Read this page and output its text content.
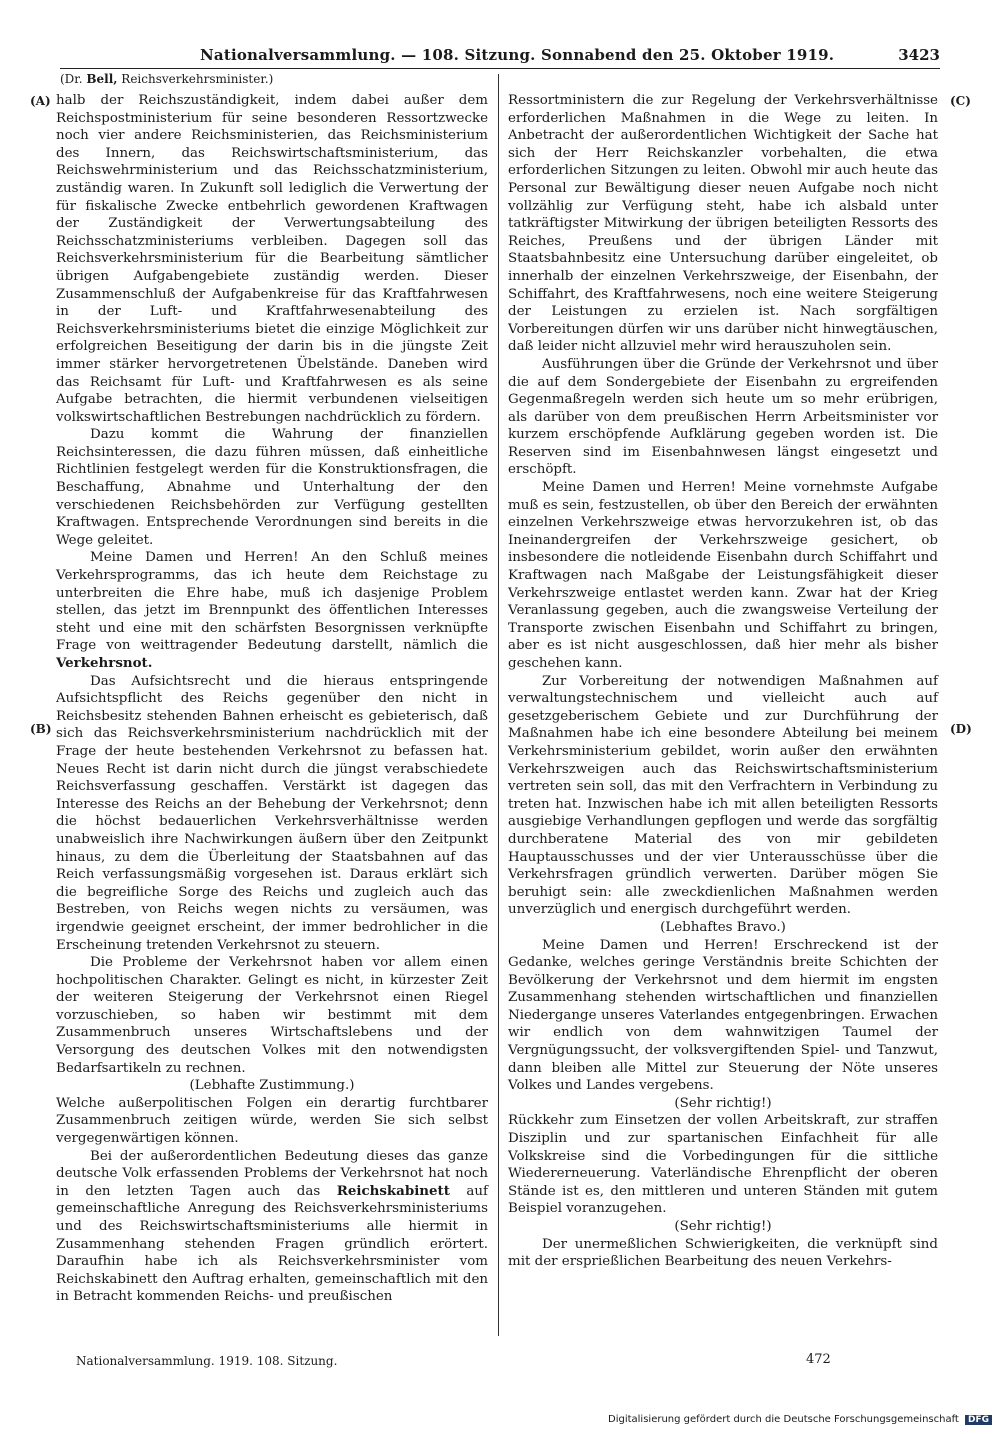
Nationalversammlung. — 108. Sitzung. Sonnabend den 25. Oktober 1919.	3423
(Dr. Bell, Reichsverkehrsminister.)
(A)
(B)
(C)
(D)

halb der Reichszuständigkeit, indem dabei außer dem Reichspostministerium für seine besonderen Ressortzwecke noch vier andere Reichsministerien, das Reichsministerium des Innern, das Reichswirtschaftsministerium, das Reichswehrministerium und das Reichsschatzministerium, zuständig waren. In Zukunft soll lediglich die Verwertung der für fiskalische Zwecke entbehrlich gewordenen Kraftwagen der Zuständigkeit der Verwertungsabteilung des Reichsschatzministeriums verbleiben. Dagegen soll das Reichsverkehrsministerium für die Bearbeitung sämtlicher übrigen Aufgabengebiete zuständig werden. Dieser Zusammenschluß der Aufgabenkreise für das Kraftfahrwesen in der Luft- und Kraftfahrwesenabteilung des Reichsverkehrsministeriums bietet die einzige Möglichkeit zur erfolgreichen Beseitigung der darin bis in die jüngste Zeit immer stärker hervorgetretenen Übelstände. Daneben wird das Reichsamt für Luft- und Kraftfahrwesen es als seine Aufgabe betrachten, die hiermit verbundenen vielseitigen volkswirtschaftlichen Bestrebungen nachdrücklich zu fördern.

Dazu kommt die Wahrung der finanziellen Reichsinteressen, die dazu führen müssen, daß einheitliche Richtlinien festgelegt werden für die Konstruktionsfragen, die Beschaffung, Abnahme und Unterhaltung der den verschiedenen Reichsbehörden zur Verfügung gestellten Kraftwagen. Entsprechende Verordnungen sind bereits in die Wege geleitet.

Meine Damen und Herren! An den Schluß meines Verkehrsprogramms, das ich heute dem Reichstage zu unterbreiten die Ehre habe, muß ich dasjenige Problem stellen, das jetzt im Brennpunkt des öffentlichen Interesses steht und eine mit den schärfsten Besorgnissen verknüpfte Frage von weittragender Bedeutung darstellt, nämlich die Verkehrsnot.

Das Aufsichtsrecht und die hieraus entspringende Aufsichtspflicht des Reichs gegenüber den nicht in Reichsbesitz stehenden Bahnen erheischt es gebieterisch, daß sich das Reichsverkehrsministerium nachdrücklich mit der Frage der heute bestehenden Verkehrsnot zu befassen hat. Neues Recht ist darin nicht durch die jüngst verabschiedete Reichsverfassung geschaffen. Verstärkt ist dagegen das Interesse des Reichs an der Behebung der Verkehrsnot; denn die höchst bedauerlichen Verkehrsverhältnisse werden unabweislich ihre Nachwirkungen äußern über den Zeitpunkt hinaus, zu dem die Überleitung der Staatsbahnen auf das Reich verfassungsmäßig vorgesehen ist. Daraus erklärt sich die begreifliche Sorge des Reichs und zugleich auch das Bestreben, von Reichs wegen nichts zu versäumen, was irgendwie geeignet erscheint, der immer bedrohlicher in die Erscheinung tretenden Verkehrsnot zu steuern.

Die Probleme der Verkehrsnot haben vor allem einen hochpolitischen Charakter. Gelingt es nicht, in kürzester Zeit der weiteren Steigerung der Verkehrsnot einen Riegel vorzuschieben, so haben wir bestimmt mit dem Zusammenbruch unseres Wirtschaftslebens und der Versorgung des deutschen Volkes mit den notwendigsten Bedarfsartikeln zu rechnen.

(Lebhafte Zustimmung.)

Welche außerpolitischen Folgen ein derartig furchtbarer Zusammenbruch zeitigen würde, werden Sie sich selbst vergegenwärtigen können.

Bei der außerordentlichen Bedeutung dieses das ganze deutsche Volk erfassenden Problems der Verkehrsnot hat noch in den letzten Tagen auch das Reichskabinett auf gemeinschaftliche Anregung des Reichsverkehrsministeriums und des Reichswirtschaftsministeriums alle hiermit in Zusammenhang stehenden Fragen gründlich erörtert. Daraufhin habe ich als Reichsverkehrsminister vom Reichskabinett den Auftrag erhalten, gemeinschaftlich mit den in Betracht kommenden Reichs- und preußischen

Ressortministern die zur Regelung der Verkehrsverhältnisse erforderlichen Maßnahmen in die Wege zu leiten. In Anbetracht der außerordentlichen Wichtigkeit der Sache hat sich der Herr Reichskanzler vorbehalten, die etwa erforderlichen Sitzungen zu leiten. Obwohl mir auch heute das Personal zur Bewältigung dieser neuen Aufgabe noch nicht vollzählig zur Verfügung steht, habe ich alsbald unter tatkräftigster Mitwirkung der übrigen beteiligten Ressorts des Reiches, Preußens und der übrigen Länder mit Staatsbahnbesitz eine Untersuchung darüber eingeleitet, ob innerhalb der einzelnen Verkehrszweige, der Eisenbahn, der Schiffahrt, des Kraftfahrwesens, noch eine weitere Steigerung der Leistungen zu erzielen ist. Nach sorgfältigen Vorbereitungen dürfen wir uns darüber nicht hinwegtäuschen, daß leider nicht allzuviel mehr wird herauszuholen sein.

Ausführungen über die Gründe der Verkehrsnot und über die auf dem Sondergebiete der Eisenbahn zu ergreifenden Gegenmaßregeln werden sich heute um so mehr erübrigen, als darüber von dem preußischen Herrn Arbeitsminister vor kurzem erschöpfende Aufklärung gegeben worden ist. Die Reserven sind im Eisenbahnwesen längst eingesetzt und erschöpft.

Meine Damen und Herren! Meine vornehmste Aufgabe muß es sein, festzustellen, ob über den Bereich der erwähnten einzelnen Verkehrszweige etwas hervorzukehren ist, ob das Ineinandergreifen der Verkehrszweige gesichert, ob insbesondere die notleidende Eisenbahn durch Schiffahrt und Kraftwagen nach Maßgabe der Leistungsfähigkeit dieser Verkehrszweige entlastet werden kann. Zwar hat der Krieg Veranlassung gegeben, auch die zwangsweise Verteilung der Transporte zwischen Eisenbahn und Schiffahrt zu bringen, aber es ist nicht ausgeschlossen, daß hier mehr als bisher geschehen kann.

Zur Vorbereitung der notwendigen Maßnahmen auf verwaltungstechnischem und vielleicht auch auf gesetzgeberischem Gebiete und zur Durchführung der Maßnahmen habe ich eine besondere Abteilung bei meinem Verkehrsministerium gebildet, worin außer den erwähnten Verkehrszweigen auch das Reichswirtschaftsministerium vertreten sein soll, das mit den Verfrachtern in Verbindung zu treten hat. Inzwischen habe ich mit allen beteiligten Ressorts ausgiebige Verhandlungen gepflogen und werde das sorgfältig durchberatene Material des von mir gebildeten Hauptausschusses und der vier Unterausschüsse über die Verkehrsfragen gründlich verwerten. Darüber mögen Sie beruhigt sein: alle zweckdienlichen Maßnahmen werden unverzüglich und energisch durchgeführt werden.

(Lebhaftes Bravo.)

Meine Damen und Herren! Erschreckend ist der Gedanke, welches geringe Verständnis breite Schichten der Bevölkerung der Verkehrsnot und dem hiermit im engsten Zusammenhang stehenden wirtschaftlichen und finanziellen Niedergange unseres Vaterlandes entgegenbringen. Erwachen wir endlich von dem wahnwitzigen Taumel der Vergnügungssucht, der volksvergiftenden Spiel- und Tanzwut, dann bleiben alle Mittel zur Steuerung der Nöte unseres Volkes und Landes vergebens.

(Sehr richtig!)

Rückkehr zum Einsetzen der vollen Arbeitskraft, zur straffen Disziplin und zur spartanischen Einfachheit für alle Volkskreise sind die Vorbedingungen für die sittliche Wiedererneuerung. Vaterländische Ehrenpflicht der oberen Stände ist es, den mittleren und unteren Ständen mit gutem Beispiel voranzugehen.

(Sehr richtig!)

Der unermeßlichen Schwierigkeiten, die verknüpft sind mit der ersprießlichen Bearbeitung des neuen Verkehrs-

Nationalversammlung. 1919. 108. Sitzung.	472
Digitalisierung gefördert durch die Deutsche Forschungsgemeinschaft DFG
